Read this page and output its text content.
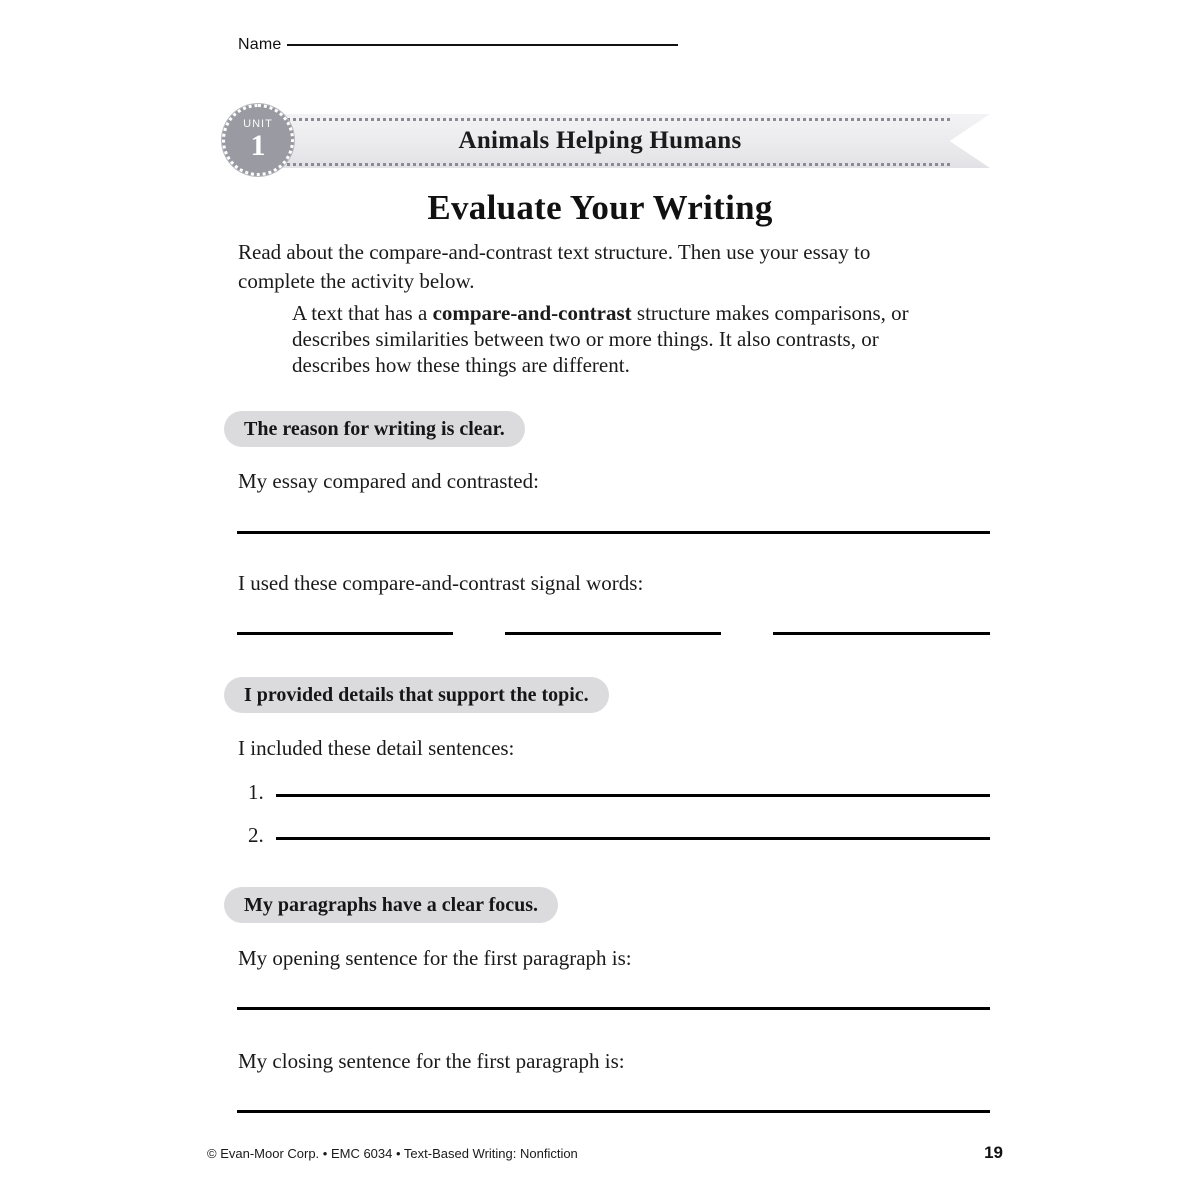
Name
Animals Helping Humans
UNIT
1
Evaluate Your Writing
Read about the compare-and-contrast text structure. Then use your essay to complete the activity below.
A text that has a compare-and-contrast structure makes comparisons, or describes similarities between two or more things. It also contrasts, or describes how these things are different.
The reason for writing is clear.
My essay compared and contrasted:
I used these compare-and-contrast signal words:
I provided details that support the topic.
I included these detail sentences:
1.
2.
My paragraphs have a clear focus.
My opening sentence for the first paragraph is:
My closing sentence for the first paragraph is:
© Evan-Moor Corp. • EMC 6034 • Text-Based Writing: Nonfiction	19
